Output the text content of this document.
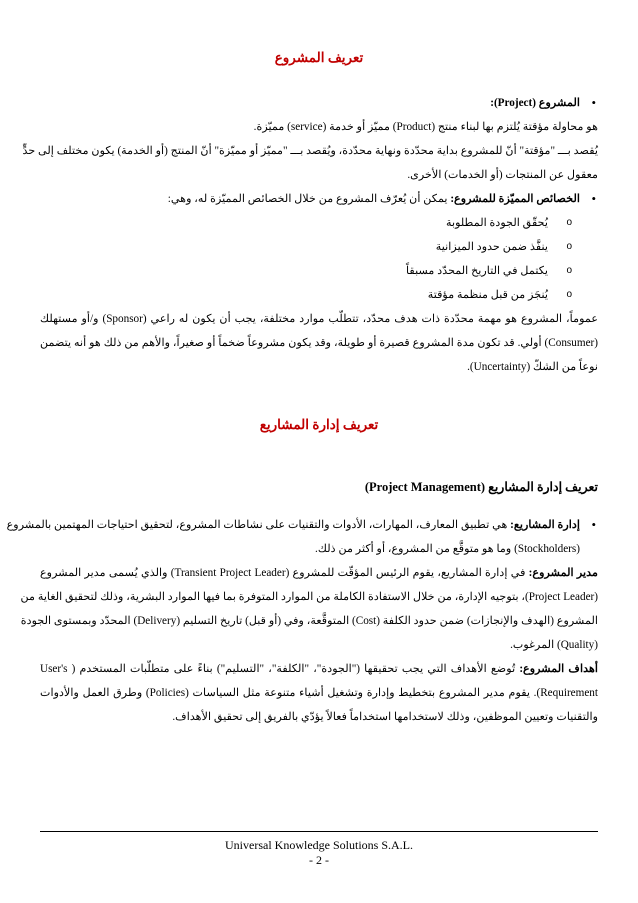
تعريف المشروع
• المشروع (Project):
هو محاولة مؤقتة يُلتزم بها لبناء منتج (Product) مميّز أو خدمة (service) مميّزة.
يُقصد بـــ "مؤقتة" أنّ للمشروع بداية محدّدة ونهاية محدّدة، ويُقصد بـــ "مميّز أو مميّزة" أنّ المنتج (أو الخدمة) يكون مختلف إلى حدٍّ
معقول عن المنتجات (أو الخدمات) الأخرى.
• الخصائص المميّزة للمشروع: يمكن أن يُعرّف المشروع من خلال الخصائص المميّزة له، وهي:
o يُحقّق الجودة المطلوبة
o ينفَّذ ضمن حدود الميزانية
o يكتمل في التاريخ المحدّد مسبقاً
o يُنجَز من قبل منظمة مؤقتة
عموماً، المشروع هو مهمة محدّدة ذات هدف محدّد، تتطلّب موارد مختلفة، يجب أن يكون له راعي (Sponsor) و/أو مستهلك
(Consumer) أولي. قد تكون مدة المشروع قصيرة أو طويلة، وقد يكون مشروعاً ضخماً أو صغيراً، والأهم من ذلك هو أنه يتضمن
نوعاً من الشكّ (Uncertainty).
تعريف إدارة المشاريع
تعريف إدارة المشاريع (Project Management)
• إدارة المشاريع: هي تطبيق المعارف، المهارات، الأدوات والتقنيات على نشاطات المشروع، لتحقيق احتياجات المهتمين بالمشروع
(Stockholders) وما هو متوقَّع من المشروع، أو أكثر من ذلك.
مدير المشروع: في إدارة المشاريع، يقوم الرئيس المؤقّت للمشروع (Transient Project Leader) والذي يُسمى مدير المشروع
(Project Leader)، بتوجيه الإدارة، من خلال الاستفادة الكاملة من الموارد المتوفرة بما فيها الموارد البشرية، وذلك لتحقيق الغاية من
المشروع (الهدف والإنجازات) ضمن حدود الكلفة (Cost) المتوقَّعة، وفي (أو قبل) تاريخ التسليم (Delivery) المحدّد وبمستوى الجودة
(Quality) المرغوب.
أهداف المشروع: تُوضع الأهداف التي يجب تحقيقها ("الجودة"، "الكلفة"، "التسليم") بناءً على متطلّبات المستخدم ( User's
Requirement). يقوم مدير المشروع بتخطيط وإدارة وتشغيل أشياء متنوعة مثل السياسات (Policies) وطرق العمل والأدوات
والتقنيات وتعيين الموظفين، وذلك لاستخدامها استخداماً فعالاً يؤدّي بالفريق إلى تحقيق الأهداف.
Universal Knowledge Solutions S.A.L.
- 2 -
